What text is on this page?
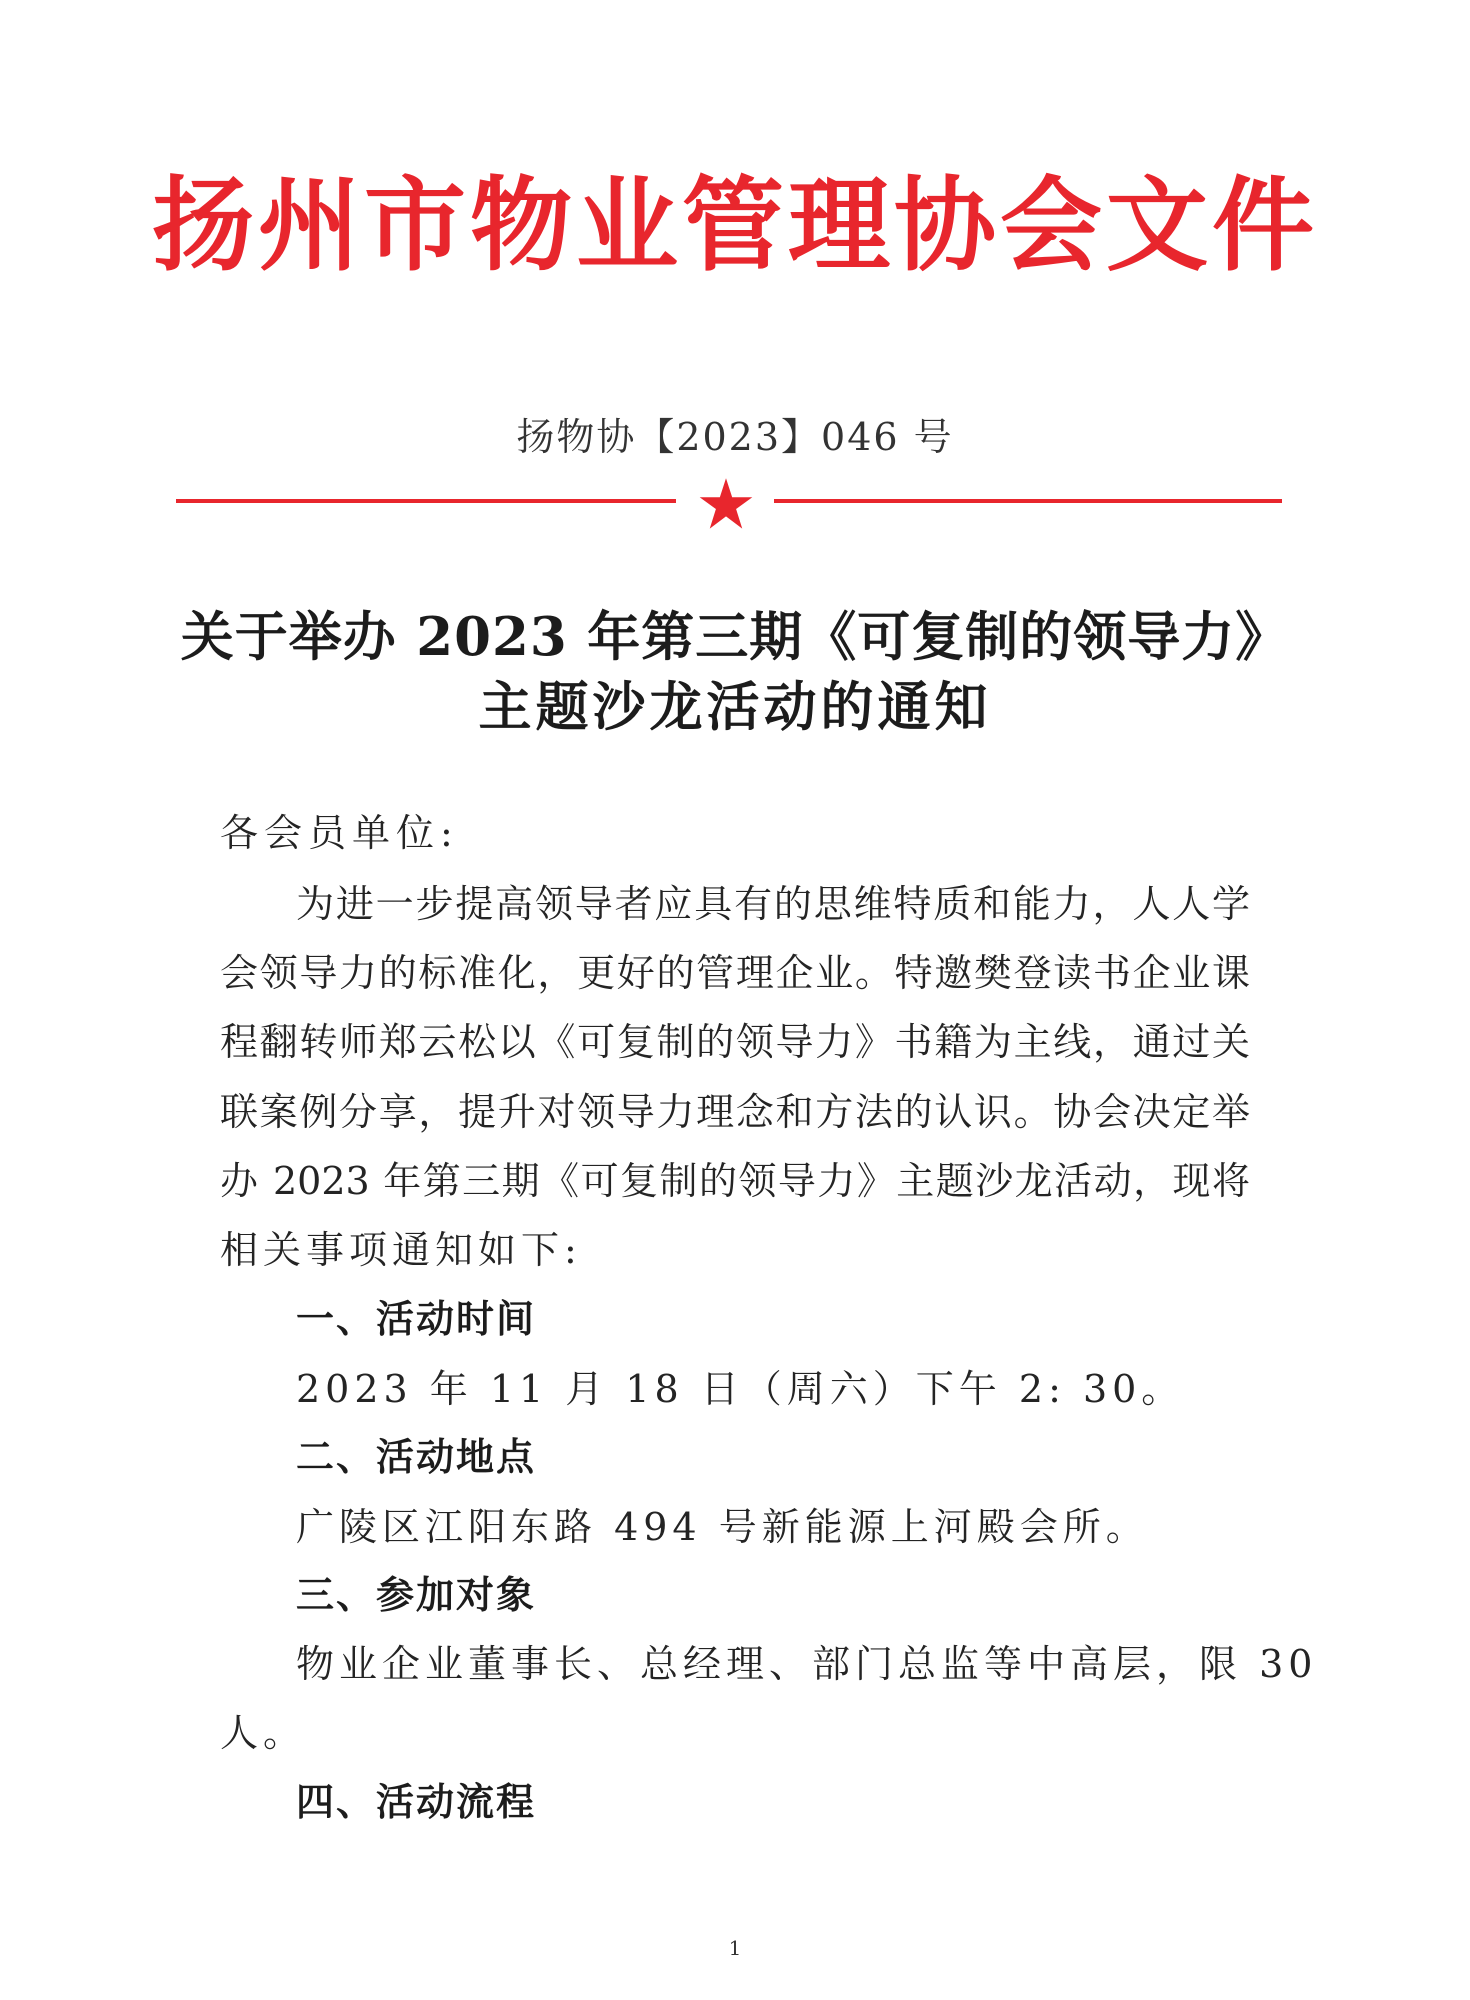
扬州市物业管理协会文件
扬物协【2023】046 号
关于举办 2023 年第三期《可复制的领导力》
主题沙龙活动的通知
各会员单位:
为进一步提高领导者应具有的思维特质和能力，人人学
会领导力的标准化，更好的管理企业。特邀樊登读书企业课
程翻转师郑云松以《可复制的领导力》书籍为主线，通过关
联案例分享，提升对领导力理念和方法的认识。协会决定举
办 2023 年第三期《可复制的领导力》主题沙龙活动，现将
相关事项通知如下:
一、活动时间
2023 年 11 月 18 日（周六）下午 2: 30。
二、活动地点
广陵区江阳东路 494 号新能源上河殿会所。
三、参加对象
物业企业董事长、总经理、部门总监等中高层，限 30
人。
四、活动流程
1
